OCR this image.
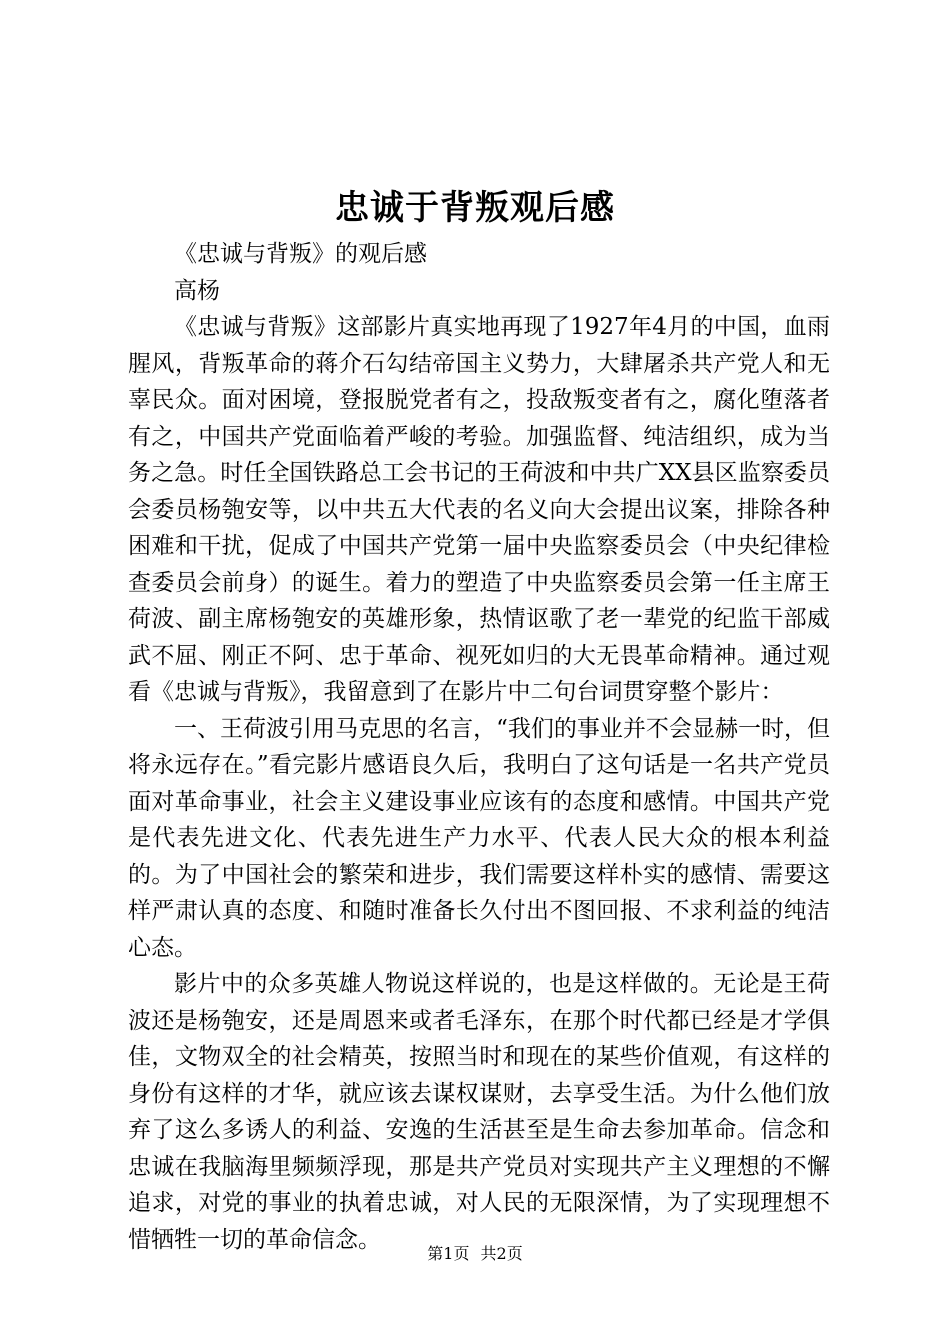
忠诚于背叛观后感

《忠诚与背叛》的观后感

高杨

《忠诚与背叛》这部影片真实地再现了1927年4月的中国，血雨腥风，背叛革命的蒋介石勾结帝国主义势力，大肆屠杀共产党人和无辜民众。面对困境，登报脱党者有之，投敌叛变者有之，腐化堕落者有之，中国共产党面临着严峻的考验。加强监督、纯洁组织，成为当务之急。时任全国铁路总工会书记的王荷波和中共广XX县区监察委员会委员杨匏安等，以中共五大代表的名义向大会提出议案，排除各种困难和干扰，促成了中国共产党第一届中央监察委员会（中央纪律检查委员会前身）的诞生。着力的塑造了中央监察委员会第一任主席王荷波、副主席杨匏安的英雄形象，热情讴歌了老一辈党的纪监干部威武不屈、刚正不阿、忠于革命、视死如归的大无畏革命精神。通过观看《忠诚与背叛》，我留意到了在影片中二句台词贯穿整个影片：

一、王荷波引用马克思的名言，“我们的事业并不会显赫一时，但将永远存在。”看完影片感语良久后，我明白了这句话是一名共产党员面对革命事业，社会主义建设事业应该有的态度和感情。中国共产党是代表先进文化、代表先进生产力水平、代表人民大众的根本利益的。为了中国社会的繁荣和进步，我们需要这样朴实的感情、需要这样严肃认真的态度、和随时准备长久付出不图回报、不求利益的纯洁心态。

影片中的众多英雄人物说这样说的，也是这样做的。无论是王荷波还是杨匏安，还是周恩来或者毛泽东，在那个时代都已经是才学俱佳，文物双全的社会精英，按照当时和现在的某些价值观，有这样的身份有这样的才华，就应该去谋权谋财，去享受生活。为什么他们放弃了这么多诱人的利益、安逸的生活甚至是生命去参加革命。信念和忠诚在我脑海里频频浮现，那是共产党员对实现共产主义理想的不懈追求，对党的事业的执着忠诚，对人民的无限深情，为了实现理想不惜牺牲一切的革命信念。

第1页 共2页
